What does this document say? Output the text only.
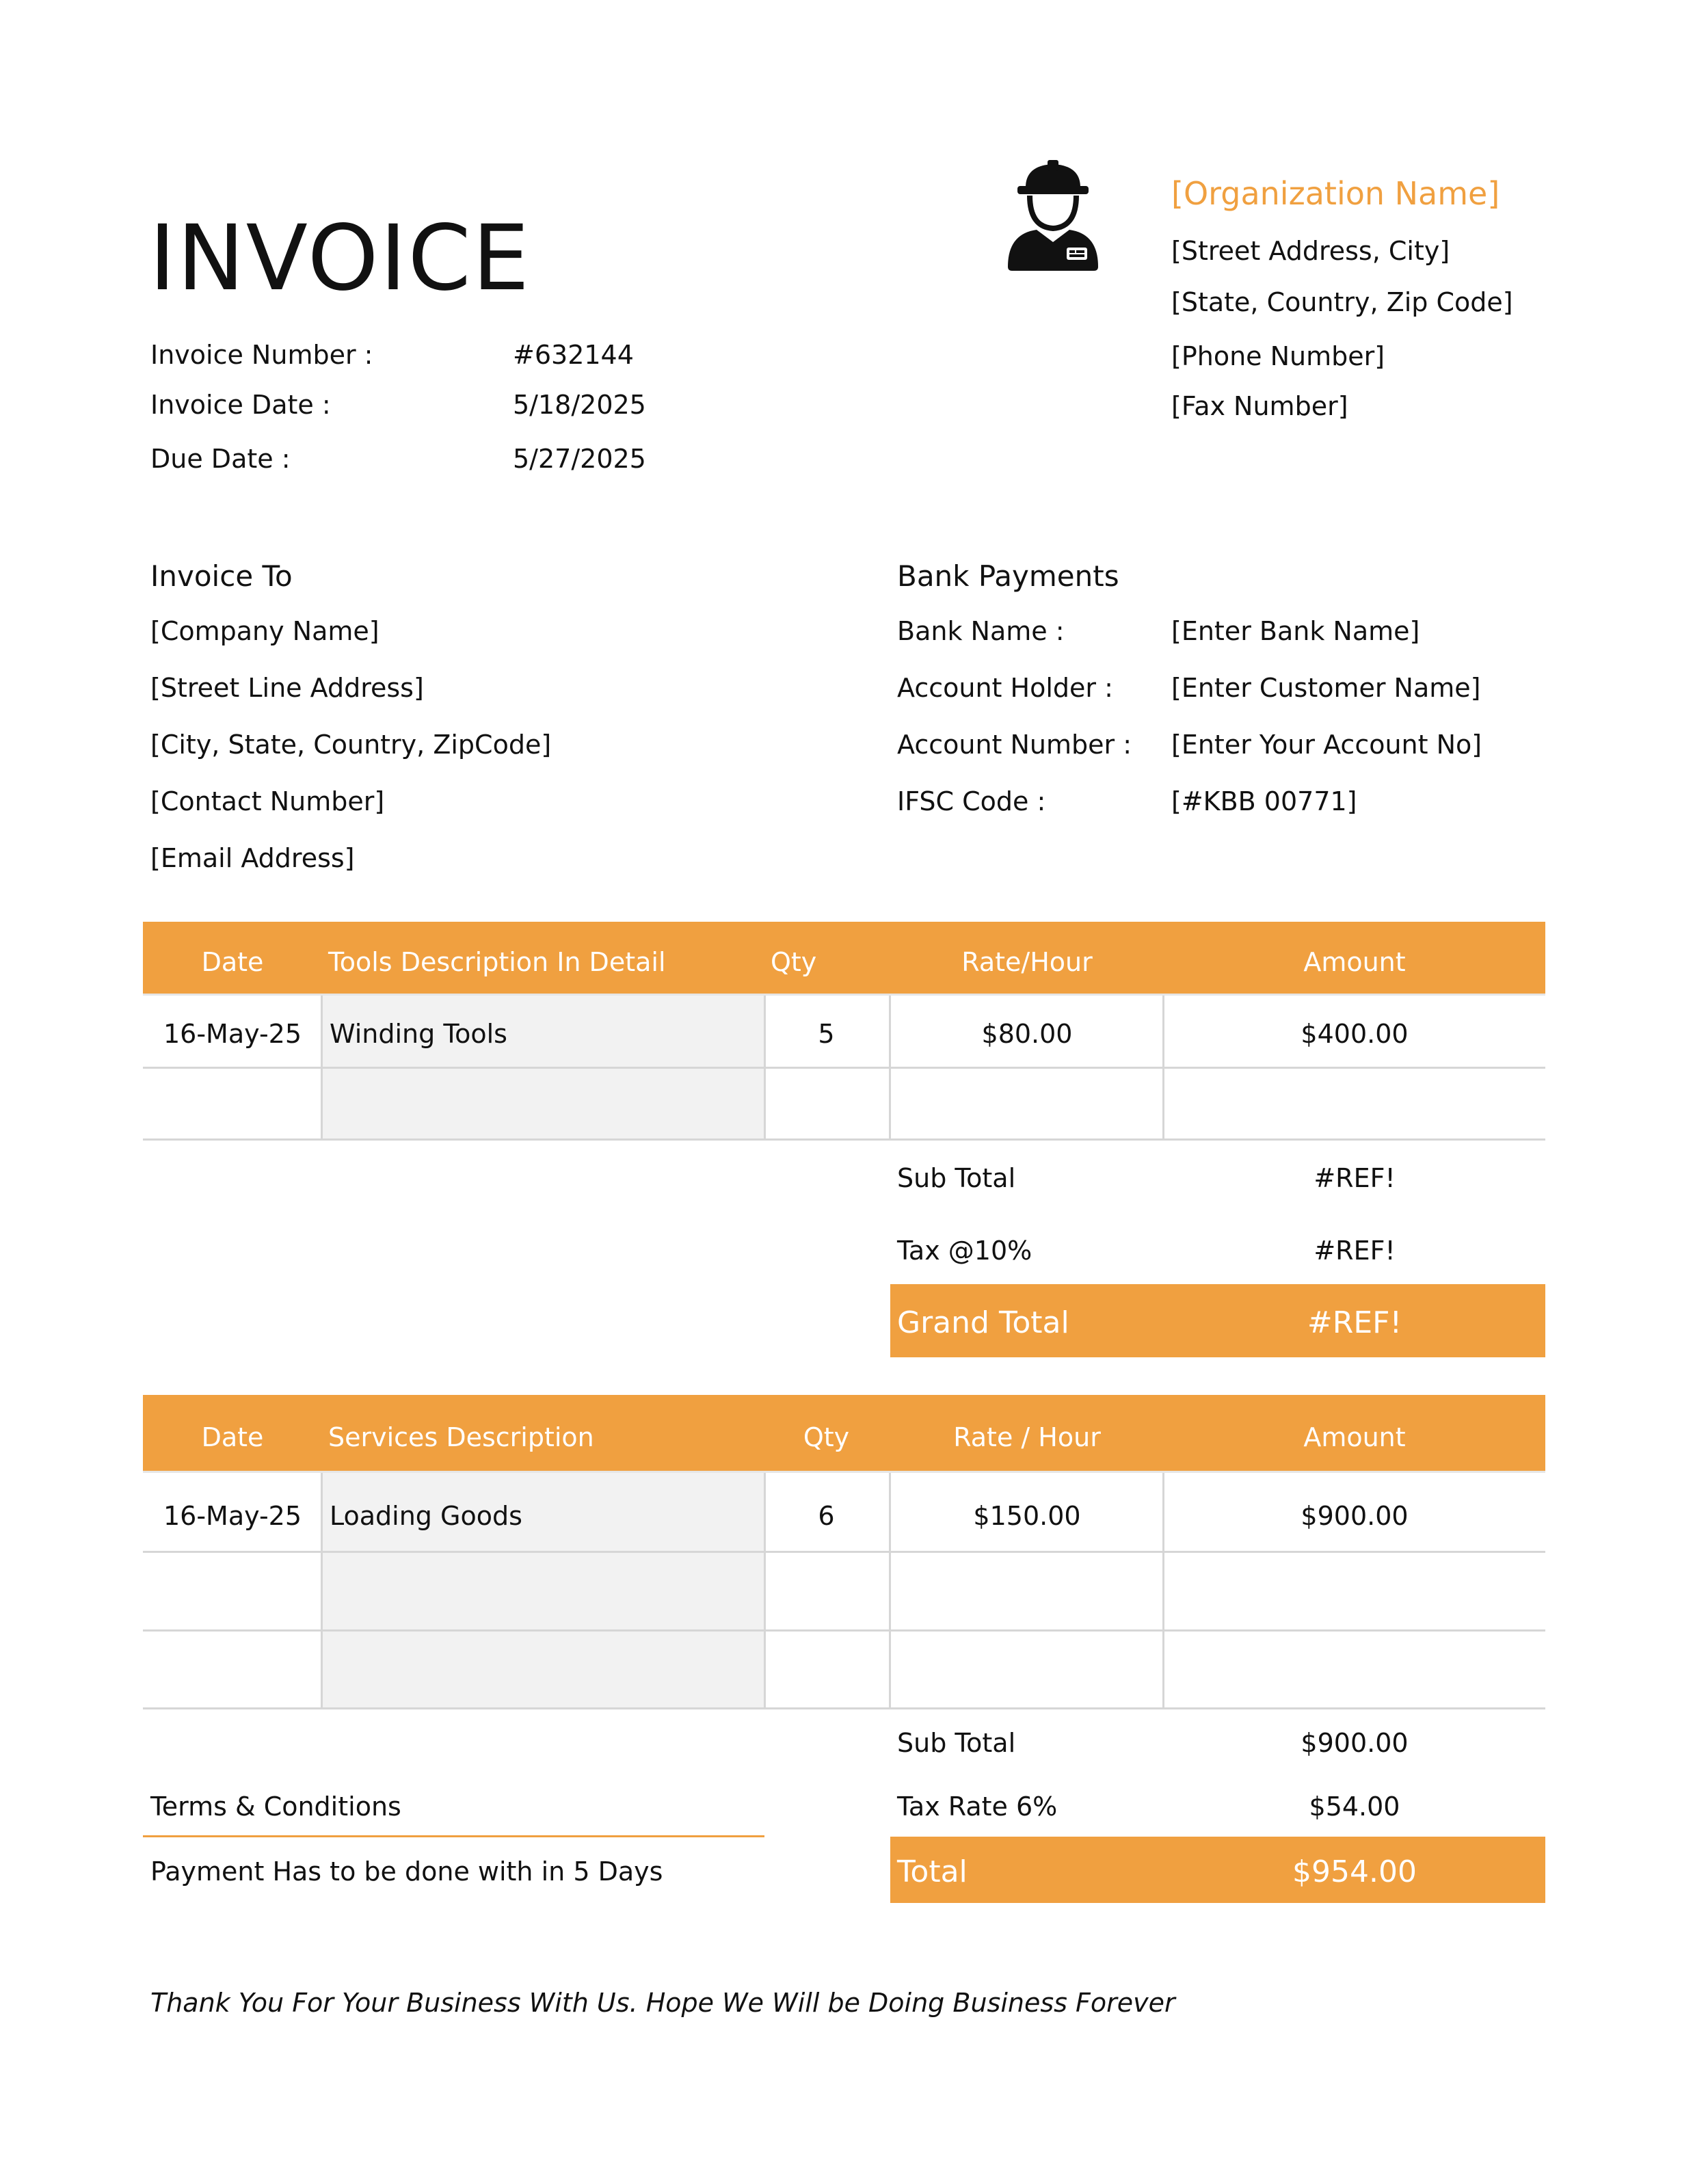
INVOICE
Invoice Number :	#632144
Invoice Date :	5/18/2025
Due Date :	5/27/2025
[Organization Name]
[Street Address, City]
[State, Country, Zip Code]
[Phone Number]
[Fax Number]
Invoice To
[Company Name]
[Street Line Address]
[City, State, Country, ZipCode]
[Contact Number]
[Email Address]
Bank Payments
Bank Name :	[Enter Bank Name]
Account Holder : [Enter Customer Name]
Account Number : [Enter Your Account No]
IFSC Code :	[#KBB 00771]
Date	Tools Description In Detail	Qty	Rate/Hour	Amount
16-May-25	Winding Tools	5	$80.00	$400.00
Sub Total	#REF!
Tax @10%	#REF!
Grand Total	#REF!
Date	Services Description	Qty	Rate / Hour	Amount
16-May-25	Loading Goods	6	$150.00	$900.00
Sub Total	$900.00
Tax Rate 6%	$54.00
Total	$954.00
Terms & Conditions
Payment Has to be done with in 5 Days
Thank You For Your Business With Us. Hope We Will be Doing Business Forever
